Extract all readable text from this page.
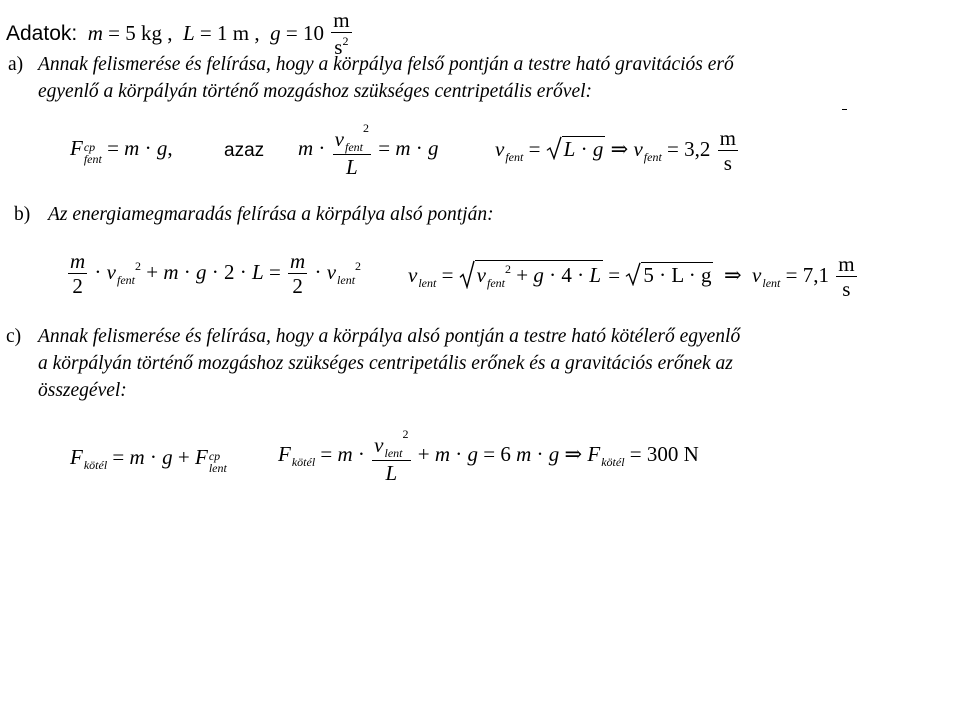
Adatok: m = 5 kg , L = 1 m , $g = 10 \frac{m}{s^2}$
a) Annak felismerése és felírása, hogy a körpálya felső pontján a testre ható gravitációs erő
egyenlő a körpályán történő mozgáshoz szükséges centripetális erővel:
F cp
fent = m · g,	azaz $m \cdot \frac{v_{fent}^2}{L} = m \cdot g$	$v_{fent} = L \cdot g$ ⇒ $v_{fent} = 3,2 \frac{m}{s}$
b) Az energiamegmaradás felírása a körpálya alsó pontján:
$\frac{m}{2} \cdot v_{fent}^2 + m \cdot g \cdot 2 \cdot L = \frac{m}{2} \cdot v_{lent}^2$ $v_{lent} = v_{fent}^2 + g \cdot 4 \cdot L = 5 \cdot L \cdot g$ ⇒ $v_{lent} = 7,1 \frac{m}{s}$
c) Annak felismerése és felírása, hogy a körpálya alsó pontján a testre ható kötélerő egyenlő
a körpályán történő mozgáshoz szükséges centripetális erőnek és a gravitációs erőnek az
összegével:
$F_{kötél} = m \cdot g + F$ cp
lent
$F_{kötél} = m \cdot \frac{v_{lent}^2}{L} + m \cdot g = 6$ m · g ⇒ $F_{kötél} = 300$ N
